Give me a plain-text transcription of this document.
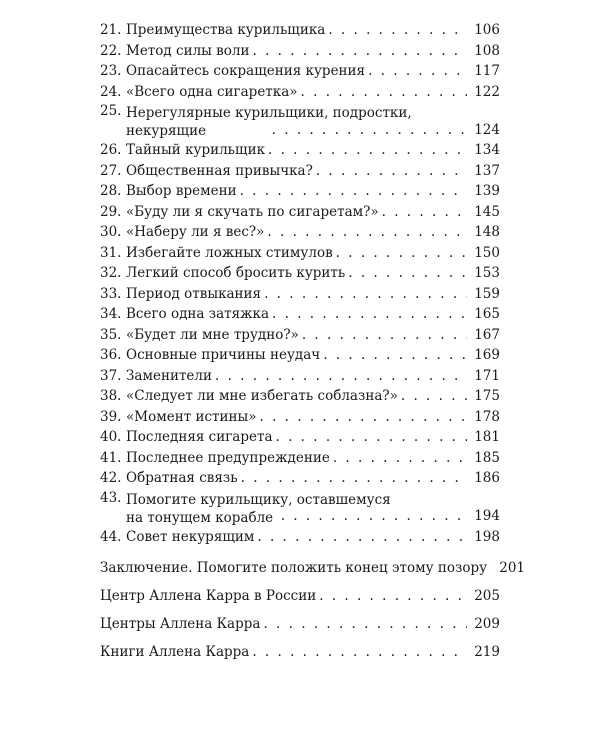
21. Преимущества курильщика . . .	106
22. Метод силы воли . . .	108
23. Опасайтесь сокращения курения . . .	117
24. «Всего одна сигаретка» . . .	122
25. Нерегулярные курильщики, подростки,
некурящие . . .	124
26. Тайный курильщик . . .	134
27. Общественная привычка? . . .	137
28. Выбор времени . . .	139
29. «Буду ли я скучать по сигаретам?» . . .	145
30. «Наберу ли я вес?» . . .	148
31. Избегайте ложных стимулов . . .	150
32. Легкий способ бросить курить . . .	153
33. Период отвыкания . . .	159
34. Всего одна затяжка . . .	165
35. «Будет ли мне трудно?» . . .	167
36. Основные причины неудач . . .	169
37. Заменители . . .	171
38. «Следует ли мне избегать соблазна?» . . .	175
39. «Момент истины» . . .	178
40. Последняя сигарета . . .	181
41. Последнее предупреждение . . .	185
42. Обратная связь . . .	186
43. Помогите курильщику, оставшемуся
на тонущем корабле . . .	194
44. Совет некурящим . . .	198
Заключение. Помогите положить конец этому позору 201
Центр Аллена Карра в России . . .	205
Центры Аллена Карра . . .	209
Книги Аллена Карра . . .	219
